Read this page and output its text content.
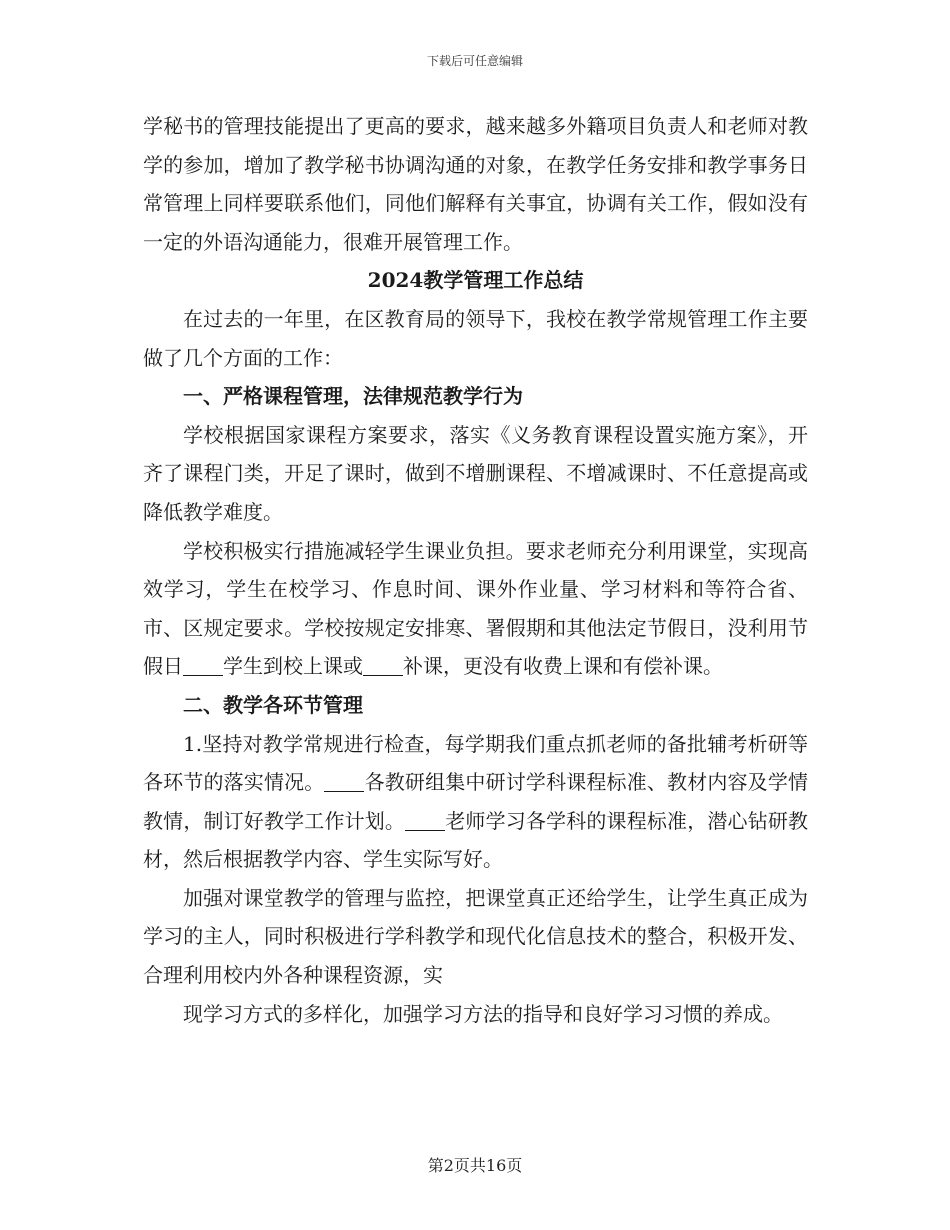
下载后可任意编辑

学秘书的管理技能提出了更高的要求，越来越多外籍项目负责人和老师对教学的参加，增加了教学秘书协调沟通的对象，在教学任务安排和教学事务日常管理上同样要联系他们，同他们解释有关事宜，协调有关工作，假如没有一定的外语沟通能力，很难开展管理工作。

2024教学管理工作总结

在过去的一年里，在区教育局的领导下，我校在教学常规管理工作主要做了几个方面的工作：

一、严格课程管理，法律规范教学行为

学校根据国家课程方案要求，落实《义务教育课程设置实施方案》，开齐了课程门类，开足了课时，做到不增删课程、不增减课时、不任意提高或降低教学难度。

学校积极实行措施减轻学生课业负担。要求老师充分利用课堂，实现高效学习，学生在校学习、作息时间、课外作业量、学习材料和等符合省、市、区规定要求。学校按规定安排寒、署假期和其他法定节假日，没利用节假日 学生到校上课或 补课，更没有收费上课和有偿补课。

二、教学各环节管理

1.坚持对教学常规进行检查，每学期我们重点抓老师的备批辅考析研等各环节的落实情况。 各教研组集中研讨学科课程标准、教材内容及学情教情，制订好教学工作计划。 老师学习各学科的课程标准，潜心钻研教材，然后根据教学内容、学生实际写好。

加强对课堂教学的管理与监控，把课堂真正还给学生，让学生真正成为学习的主人，同时积极进行学科教学和现代化信息技术的整合，积极开发、合理利用校内外各种课程资源，实

现学习方式的多样化，加强学习方法的指导和良好学习习惯的养成。

第2页共16页
